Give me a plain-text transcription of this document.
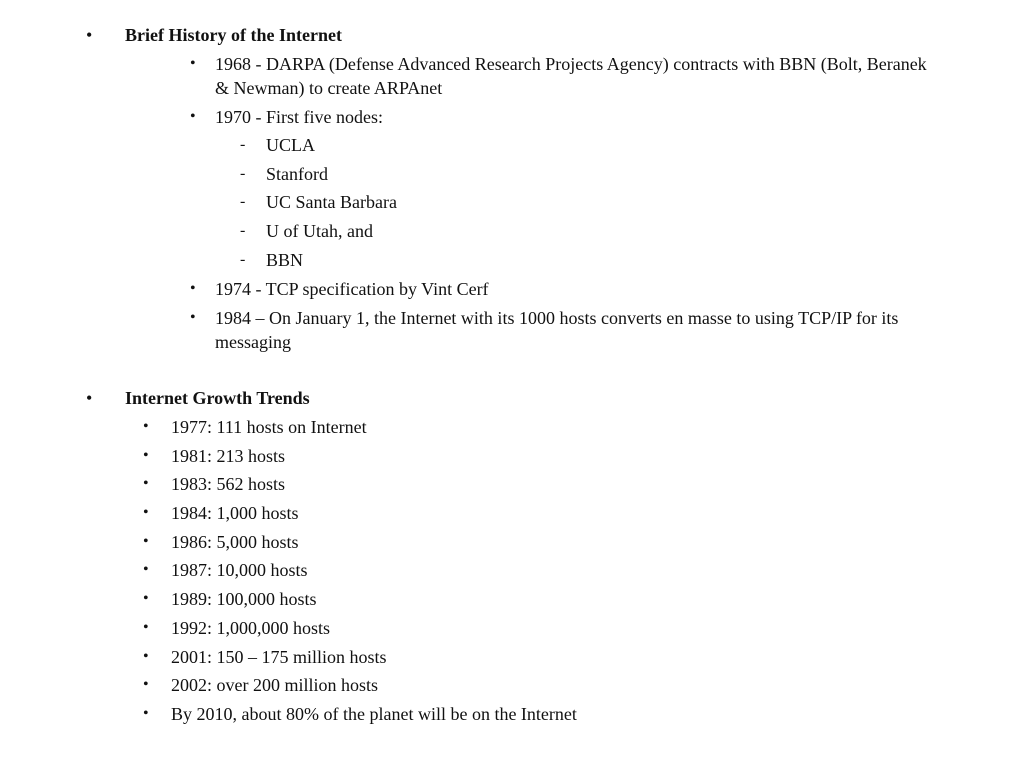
• Brief History of the Internet
• 1968 - DARPA (Defense Advanced Research Projects Agency) contracts with BBN (Bolt, Beranek & Newman) to create ARPAnet
• 1970 - First five nodes:
- UCLA
- Stanford
- UC Santa Barbara
- U of Utah, and
- BBN
• 1974 - TCP specification by Vint Cerf
• 1984 – On January 1, the Internet with its 1000 hosts converts en masse to using TCP/IP for its messaging
• Internet Growth Trends
• 1977: 111 hosts on Internet
• 1981: 213 hosts
• 1983: 562 hosts
• 1984: 1,000 hosts
• 1986: 5,000 hosts
• 1987: 10,000 hosts
• 1989: 100,000 hosts
• 1992: 1,000,000 hosts
• 2001: 150 – 175 million hosts
• 2002: over 200 million hosts
• By 2010, about 80% of the planet will be on the Internet
